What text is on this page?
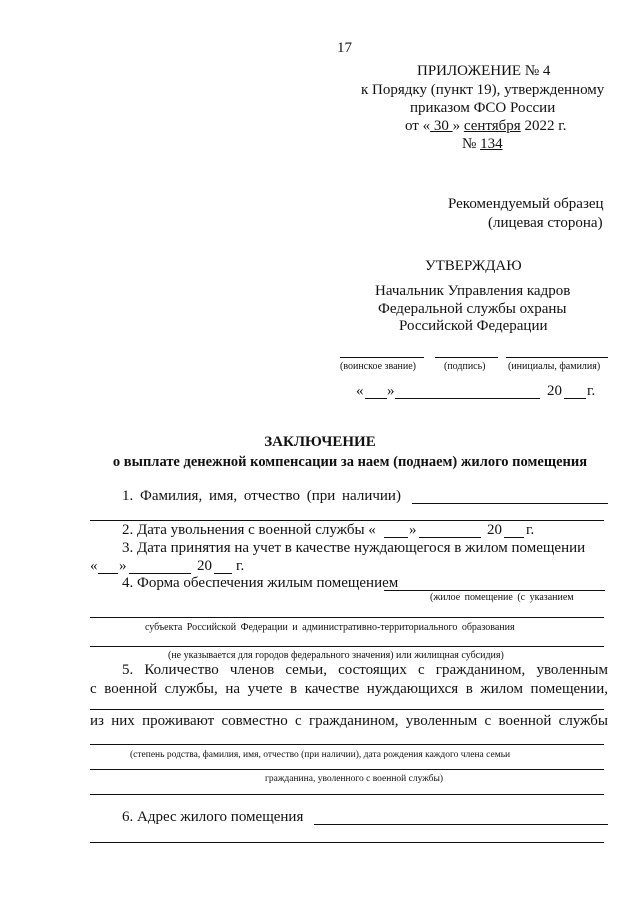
17
ПРИЛОЖЕНИЕ № 4
к Порядку (пункт 19), утвержденному
приказом ФСО России
от « 30 » сентября 2022 г.
№ 134
Рекомендуемый образец
(лицевая сторона)
УТВЕРЖДАЮ
Начальник Управления кадров
Федеральной службы охраны
Российской Федерации
(воинское звание)	(подпись) (инициалы, фамилия)
« »	20 г.
ЗАКЛЮЧЕНИЕ
о выплате денежной компенсации за наем (поднаем) жилого помещения
1. Фамилия, имя, отчество (при наличии)
2. Дата увольнения с военной службы « »	20 г.
3. Дата принятия на учет в качестве нуждающегося в жилом помещении
« »	20 г.
4. Форма обеспечения жилым помещением
(жилое помещение (с указанием
субъекта Российской Федерации и административно-территориального образования
(не указывается для городов федерального значения) или жилищная субсидия)
5. Количество членов семьи, состоящих с гражданином, уволенным
с военной службы, на учете в качестве нуждающихся в жилом помещении,
из них проживают совместно с гражданином, уволенным с военной службы
(степень родства, фамилия, имя, отчество (при наличии), дата рождения каждого члена семьи
гражданина, уволенного с военной службы)
6. Адрес жилого помещения
